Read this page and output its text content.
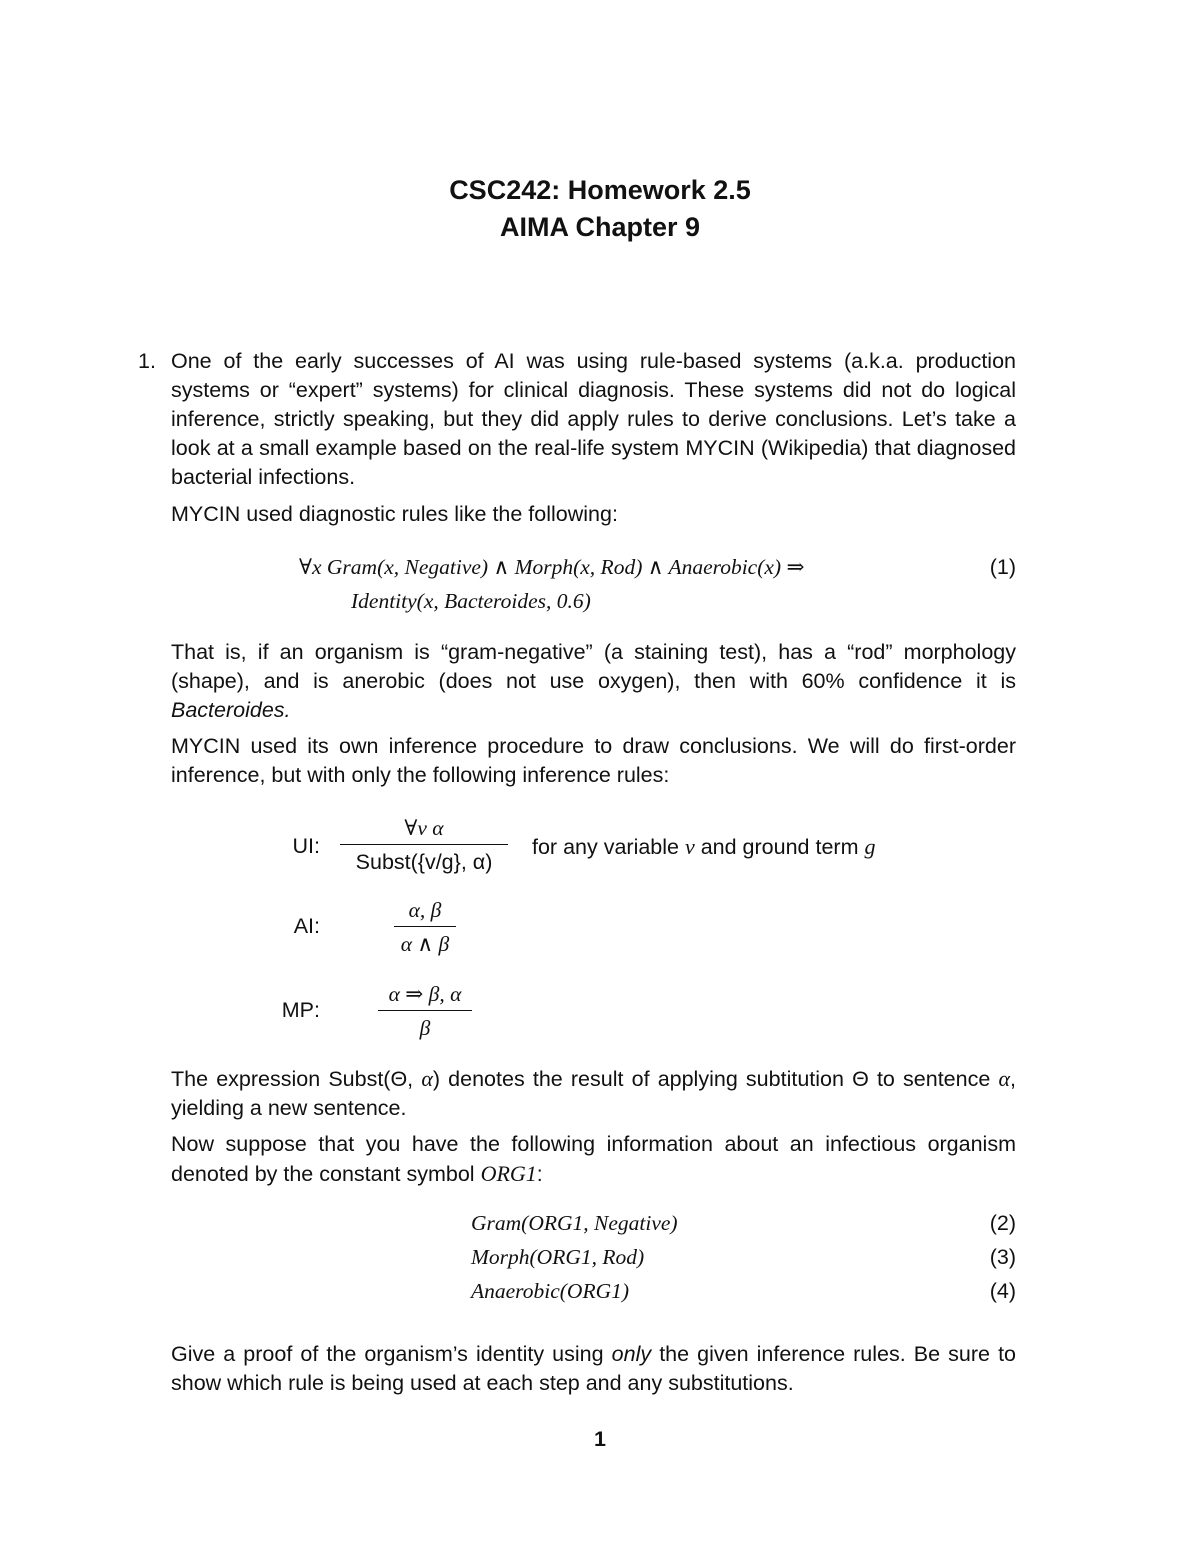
CSC242: Homework 2.5
AIMA Chapter 9
1. One of the early successes of AI was using rule-based systems (a.k.a. production systems or “expert” systems) for clinical diagnosis. These systems did not do logical inference, strictly speaking, but they did apply rules to derive conclusions. Let’s take a look at a small example based on the real-life system MYCIN (Wikipedia) that diagnosed bacterial infections.
MYCIN used diagnostic rules like the following:
∀x Gram(x, Negative) ∧ Morph(x, Rod) ∧ Anaerobic(x) ⇒
Identity(x, Bacteroides, 0.6)
(1)
That is, if an organism is “gram-negative” (a staining test), has a “rod” morphology (shape), and is anerobic (does not use oxygen), then with 60% confidence it is Bacteroides.
MYCIN used its own inference procedure to draw conclusions. We will do first-order inference, but with only the following inference rules:
UI:
∀v α
Subst({v/g}, α)
for any variable v and ground term g
AI:
α, β
α ∧ β
MP:
α ⇒ β, α
β
The expression Subst(Θ, α) denotes the result of applying subtitution Θ to sentence α, yielding a new sentence.
Now suppose that you have the following information about an infectious organism denoted by the constant symbol ORG1:
Gram(ORG1, Negative)	(2)
Morph(ORG1, Rod)	(3)
Anaerobic(ORG1)	(4)
Give a proof of the organism’s identity using only the given inference rules. Be sure to show which rule is being used at each step and any substitutions.
1
